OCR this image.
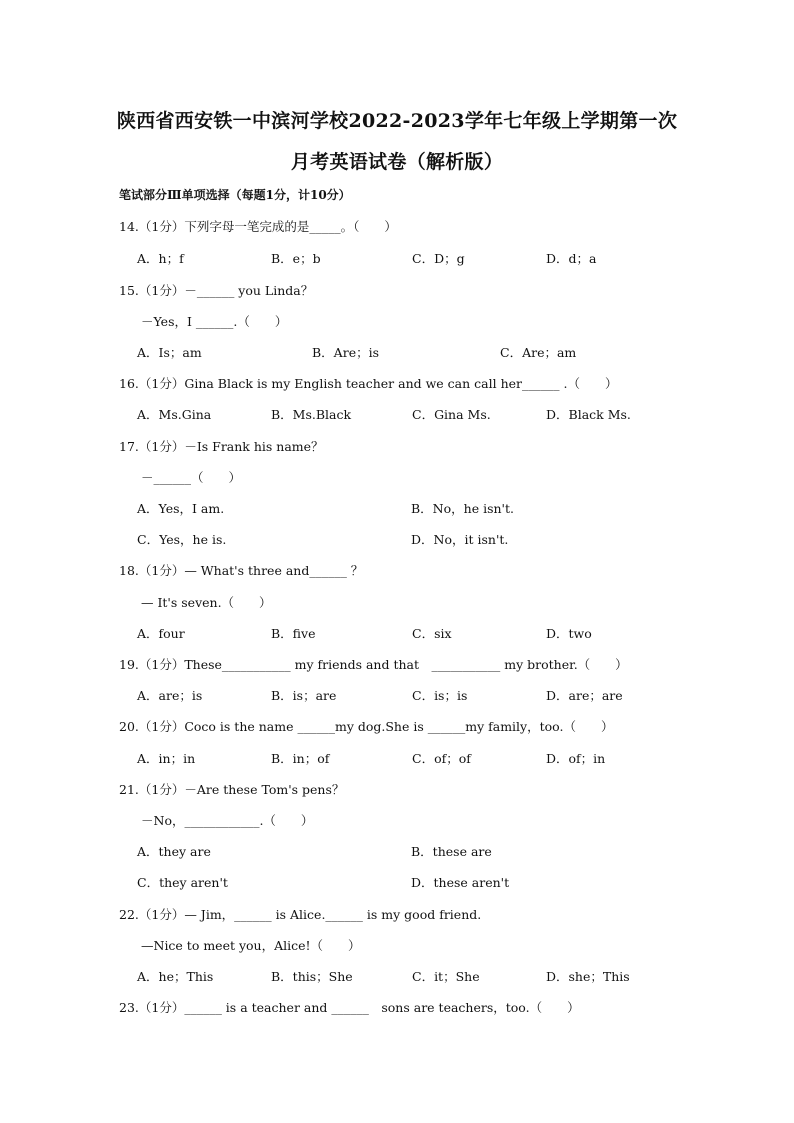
陕西省西安铁一中滨河学校2022-2023学年七年级上学期第一次
月考英语试卷（解析版）
笔试部分Ⅲ单项选择（每题1分，计10分）
14.（1分）下列字母一笔完成的是_____。（　　）
A．h；f	B．e；b	C．D；g	D．d；a
15.（1分）－______ you Linda？
－Yes，I ______.（　　）
A．Is；am	B．Are；is	C．Are；am
16.（1分）Gina Black is my English teacher and we can call her______ .（　　）
A．Ms.Gina	B．Ms.Black	C．Gina Ms.	D．Black Ms.
17.（1分）－Is Frank his name？
－______（　　）
A．Yes，I am.	B．No，he isn't.
C．Yes，he is.	D．No，it isn't.
18.（1分）— What's three and______ ？
— It's seven.（　　）
A．four	B．five	C．six	D．two
19.（1分）These___________ my friends and that　___________ my brother.（　　）
A．are；is	B．is；are	C．is；is	D．are；are
20.（1分）Coco is the name ______my dog.She is ______my family，too.（　　）
A．in；in	B．in；of	C．of；of	D．of；in
21.（1分）－Are these Tom's pens？
－No，____________.（　　）
A．they are	B．these are
C．they aren't	D．these aren't
22.（1分）— Jim，______ is Alice.______ is my good friend.
—Nice to meet you，Alice!（　　）
A．he；This	B．this；She	C．it；She	D．she；This
23.（1分）______ is a teacher and ______　sons are teachers，too.（　　）
